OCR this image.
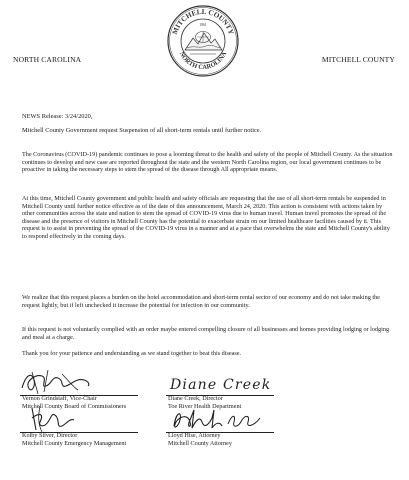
NORTH CAROLINA	MITCHELL COUNTY
MITCHELL COUNTY
NORTH CAROLINA
1861
NEWS Release: 3/24/2020,
Mitchell County Government request Suspension of all short-term rentals until further notice.

The Coronavirus (COVID-19) pandemic continues to pose a looming threat to the health and safety of the people of Mitchell County. As the situation continues to develop and new case are reported throughout the state and the western North Carolina region, our local government continues to be proactive in taking the necessary steps to stem the spread of the disease through All appropriate means.

At this time, Mitchell County government and public health and safety officials are requesting that the use of all short-term rentals be suspended in Mitchell County until further notice effective as of the date of this announcement, March 24, 2020. This action is consistent with actions taken by other communities across the state and nation to stem the spread of COVID-19 virus due to human travel. Human travel promotes the spread of the disease and the presence of visitors in Mitchell County has the potential to exacerbate strain on our limited healthcare facilities caused by it. This request is to assist in preventing the spread of the COVID-19 virus in a manner and at a pace that overwhelms the state and Mitchell County's ability to respond effectively in the coming days.

We realize that this request places a burden on the hotel accommodation and short-term rental sector of our economy and do not take making the request lightly, but if left unchecked it increase the potential for infection in our community.

If this request is not voluntarily complied with an order maybe entered compelling closure of all businesses and homes providing lodging or lodging and meal at a charge.

Thank you for your patience and understanding as we stand together to beat this disease.

Vernon Grindstaff, Vice-Chair
Mitchell County Board of Commissioners
Diane Creek
Diane Creek, Director
Toe River Health Department
Kolby Silver, Director
Mitchell County Emergency Management
Lloyd Hise, Attorney
Mitchell County Attorney
